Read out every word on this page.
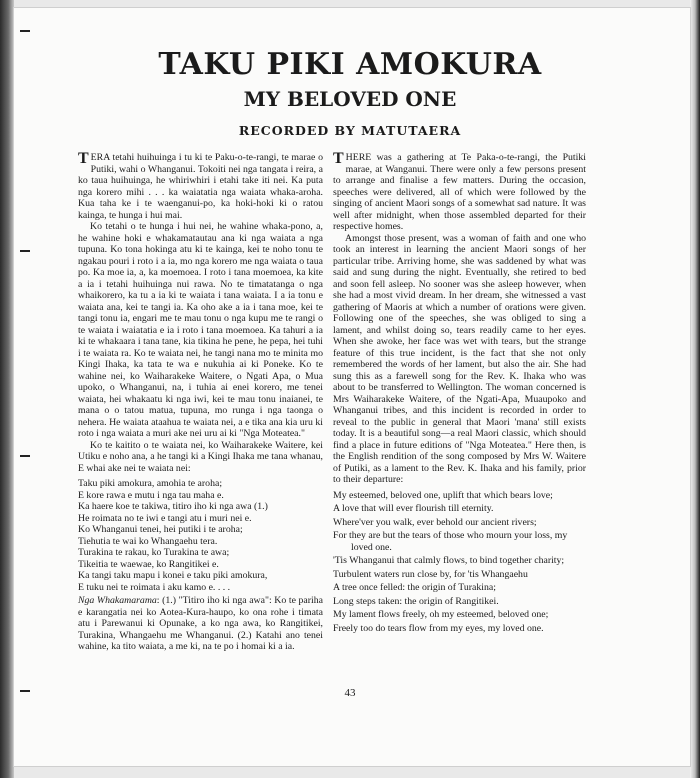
TAKU PIKI AMOKURA
MY BELOVED ONE
RECORDED BY MATUTAERA

TERA tetahi huihuinga i tu ki te Paku-o-te-rangi, te marae o Putiki, wahi o Whanganui. Tokoiti nei nga tangata i reira, a ko taua huihuinga, he whiriwhiri i etahi take iti nei. Ka puta nga korero mihi . . . ka waiatatia nga waiata whaka-aroha. Kua taha ke i te waenganui-po, ka hoki-hoki ki o ratou kainga, te hunga i hui mai.

Ko tetahi o te hunga i hui nei, he wahine whaka-pono, a, he wahine hoki e whakamatautau ana ki nga waiata a nga tupuna. Ko tona hokinga atu ki te kainga, kei te noho tonu te ngakau pouri i roto i a ia, mo nga korero me nga waiata o taua po. Ka moe ia, a, ka moemoea. I roto i tana moemoea, ka kite a ia i tetahi huihuinga nui rawa. No te timatatanga o nga whaikorero, ka tu a ia ki te waiata i tana waiata. I a ia tonu e waiata ana, kei te tangi ia. Ka oho ake a ia i tana moe, kei te tangi tonu ia, engari me te mau tonu o nga kupu me te rangi o te waiata i waiatatia e ia i roto i tana moemoea. Ka tahuri a ia ki te whakaara i tana tane, kia tikina he pene, he pepa, hei tuhi i te waiata ra. Ko te waiata nei, he tangi nana mo te minita mo Kingi Ihaka, ka tata te wa e nukuhia ai ki Poneke. Ko te wahine nei, ko Waiharakeke Waitere, o Ngati Apa, o Mua upoko, o Whanganui, na, i tuhia ai enei korero, me tenei waiata, hei whakaatu ki nga iwi, kei te mau tonu inaianei, te mana o o tatou matua, tupuna, mo runga i nga taonga o nehera. He waiata ataahua te waiata nei, a e tika ana kia uru ki roto i nga waiata a muri ake nei uru ai ki "Nga Moteatea."

Ko te kaitito o te waiata nei, ko Waiharakeke Waitere, kei Utiku e noho ana, a he tangi ki a Kingi Ihaka me tana whanau, E whai ake nei te waiata nei:

Taku piki amokura, amohia te aroha;
E kore rawa e mutu i nga tau maha e.
Ka haere koe te takiwa, titiro iho ki nga awa (1.)
He roimata no te iwi e tangi atu i muri nei e.
Ko Whanganui tenei, hei putiki i te aroha;
Tiehutia te wai ko Whangaehu tera.
Turakina te rakau, ko Turakina te awa;
Tikeitia te waewae, ko Rangitikei e.
Ka tangi taku mapu i konei e taku piki amokura,
E tuku nei te roimata i aku kamo e. . . .
Nga Whakamarama: (1.) "Titiro iho ki nga awa": Ko te pariha e karangatia nei ko Aotea-Kura-haupo, ko ona rohe i timata atu i Parewanui ki Opunake, a ko nga awa, ko Rangitikei, Turakina, Whangaehu me Whanganui. (2.) Katahi ano tenei wahine, ka tito waiata, a me ki, na te po i homai ki a ia.

THERE was a gathering at Te Paka-o-te-rangi, the Putiki marae, at Wanganui. There were only a few persons present to arrange and finalise a few matters. During the occasion, speeches were delivered, all of which were followed by the singing of ancient Maori songs of a somewhat sad nature. It was well after midnight, when those assembled departed for their respective homes.

Amongst those present, was a woman of faith and one who took an interest in learning the ancient Maori songs of her particular tribe. Arriving home, she was saddened by what was said and sung during the night. Eventually, she retired to bed and soon fell asleep. No sooner was she asleep however, when she had a most vivid dream. In her dream, she witnessed a vast gathering of Maoris at which a number of orations were given. Following one of the speeches, she was obliged to sing a lament, and whilst doing so, tears readily came to her eyes. When she awoke, her face was wet with tears, but the strange feature of this true incident, is the fact that she not only remembered the words of her lament, but also the air. She had sung this as a farewell song for the Rev. K. Ihaka who was about to be transferred to Wellington. The woman concerned is Mrs Waiharakeke Waitere, of the Ngati-Apa, Muaupoko and Whanganui tribes, and this incident is recorded in order to reveal to the public in general that Maori 'mana' still exists today. It is a beautiful song—a real Maori classic, which should find a place in future editions of "Nga Moteatea." Here then, is the English rendition of the song composed by Mrs W. Waitere of Putiki, as a lament to the Rev. K. Ihaka and his family, prior to their departure:

My esteemed, beloved one, uplift that which bears love;
A love that will ever flourish till eternity.
Where'ver you walk, ever behold our ancient rivers;
For they are but the tears of those who mourn your loss, my loved one.
'Tis Whanganui that calmly flows, to bind together charity;
Turbulent waters run close by, for 'tis Whangaehu
A tree once felled: the origin of Turakina;
Long steps taken: the origin of Rangitikei.
My lament flows freely, oh my esteemed, beloved one;
Freely too do tears flow from my eyes, my loved one.
43
